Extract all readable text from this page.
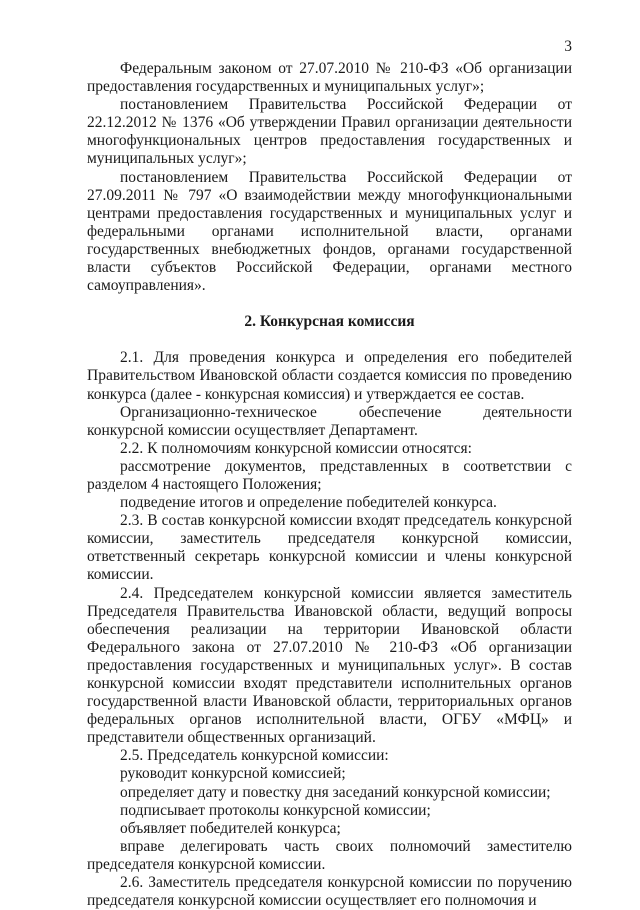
3

Федеральным законом от 27.07.2010 № 210-ФЗ «Об организации предоставления государственных и муниципальных услуг»;

постановлением Правительства Российской Федерации от 22.12.2012 № 1376 «Об утверждении Правил организации деятельности многофункциональных центров предоставления государственных и муниципальных услуг»;

постановлением Правительства Российской Федерации от 27.09.2011 № 797 «О взаимодействии между многофункциональными центрами предоставления государственных и муниципальных услуг и федеральными органами исполнительной власти, органами государственных внебюджетных фондов, органами государственной власти субъектов Российской Федерации, органами местного самоуправления».

2. Конкурсная комиссия

2.1. Для проведения конкурса и определения его победителей Правительством Ивановской области создается комиссия по проведению конкурса (далее - конкурсная комиссия) и утверждается ее состав.

Организационно-техническое обеспечение деятельности конкурсной комиссии осуществляет Департамент.

2.2. К полномочиям конкурсной комиссии относятся:

рассмотрение документов, представленных в соответствии с разделом 4 настоящего Положения;

подведение итогов и определение победителей конкурса.

2.3. В состав конкурсной комиссии входят председатель конкурсной комиссии, заместитель председателя конкурсной комиссии, ответственный секретарь конкурсной комиссии и члены конкурсной комиссии.

2.4. Председателем конкурсной комиссии является заместитель Председателя Правительства Ивановской области, ведущий вопросы обеспечения реализации на территории Ивановской области Федерального закона от 27.07.2010 № 210-ФЗ «Об организации предоставления государственных и муниципальных услуг». В состав конкурсной комиссии входят представители исполнительных органов государственной власти Ивановской области, территориальных органов федеральных органов исполнительной власти, ОГБУ «МФЦ» и представители общественных организаций.

2.5. Председатель конкурсной комиссии:

руководит конкурсной комиссией;

определяет дату и повестку дня заседаний конкурсной комиссии;

подписывает протоколы конкурсной комиссии;

объявляет победителей конкурса;

вправе делегировать часть своих полномочий заместителю председателя конкурсной комиссии.

2.6. Заместитель председателя конкурсной комиссии по поручению председателя конкурсной комиссии осуществляет его полномочия и
